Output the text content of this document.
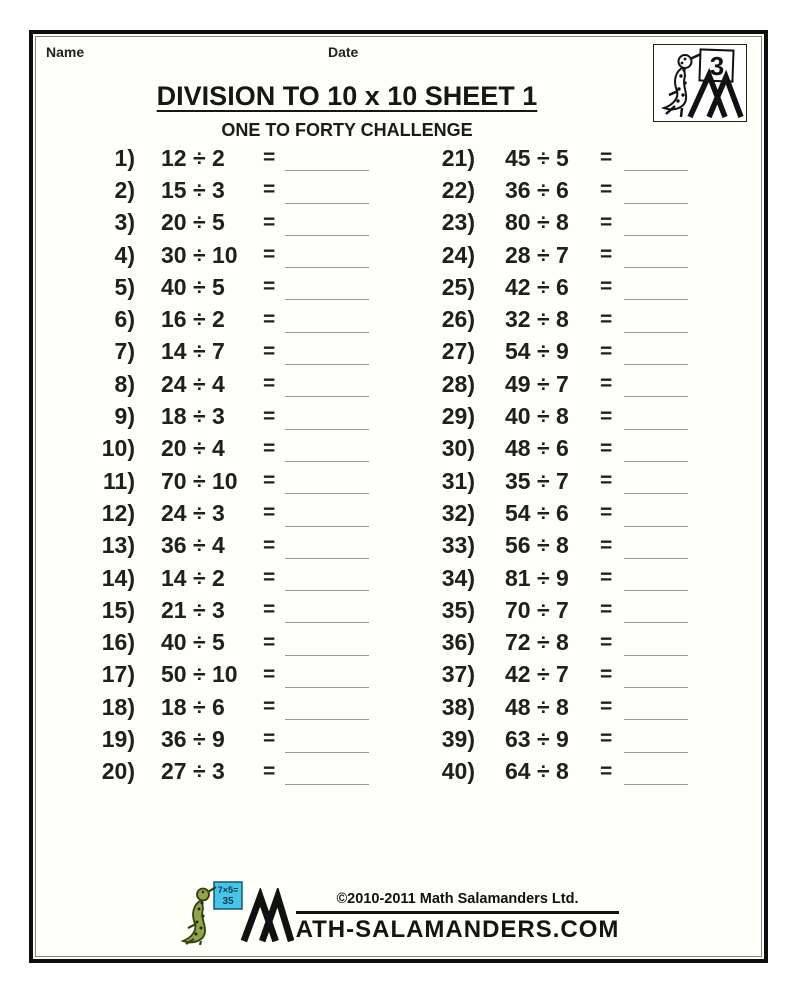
Name	Date	3
DIVISION TO 10 x 10 SHEET 1
ONE TO FORTY CHALLENGE
1) 12 ÷ 2	=
2) 15 ÷ 3	=
3) 20 ÷ 5	=
4) 30 ÷ 10	=
5) 40 ÷ 5	=
6) 16 ÷ 2	=
7) 14 ÷ 7	=
8) 24 ÷ 4	=
9) 18 ÷ 3	=
10) 20 ÷ 4	=
11) 70 ÷ 10	=
12) 24 ÷ 3	=
13) 36 ÷ 4	=
14) 14 ÷ 2	=
15) 21 ÷ 3	=
16) 40 ÷ 5	=
17) 50 ÷ 10	=
18) 18 ÷ 6	=
19) 36 ÷ 9	=
20) 27 ÷ 3	=
21) 45 ÷ 5	=
22) 36 ÷ 6	=
23) 80 ÷ 8	=
24) 28 ÷ 7	=
25) 42 ÷ 6	=
26) 32 ÷ 8	=
27) 54 ÷ 9	=
28) 49 ÷ 7	=
29) 40 ÷ 8	=
30) 48 ÷ 6	=
31) 35 ÷ 7	=
32) 54 ÷ 6	=
33) 56 ÷ 8	=
34) 81 ÷ 9	=
35) 70 ÷ 7	=
36) 72 ÷ 8	=
37) 42 ÷ 7	=
38) 48 ÷ 8	=
39) 63 ÷ 9	=
40) 64 ÷ 8	=
7×5=
35	©2010-2011 Math Salamanders Ltd.
ATH-SALAMANDERS.COM
